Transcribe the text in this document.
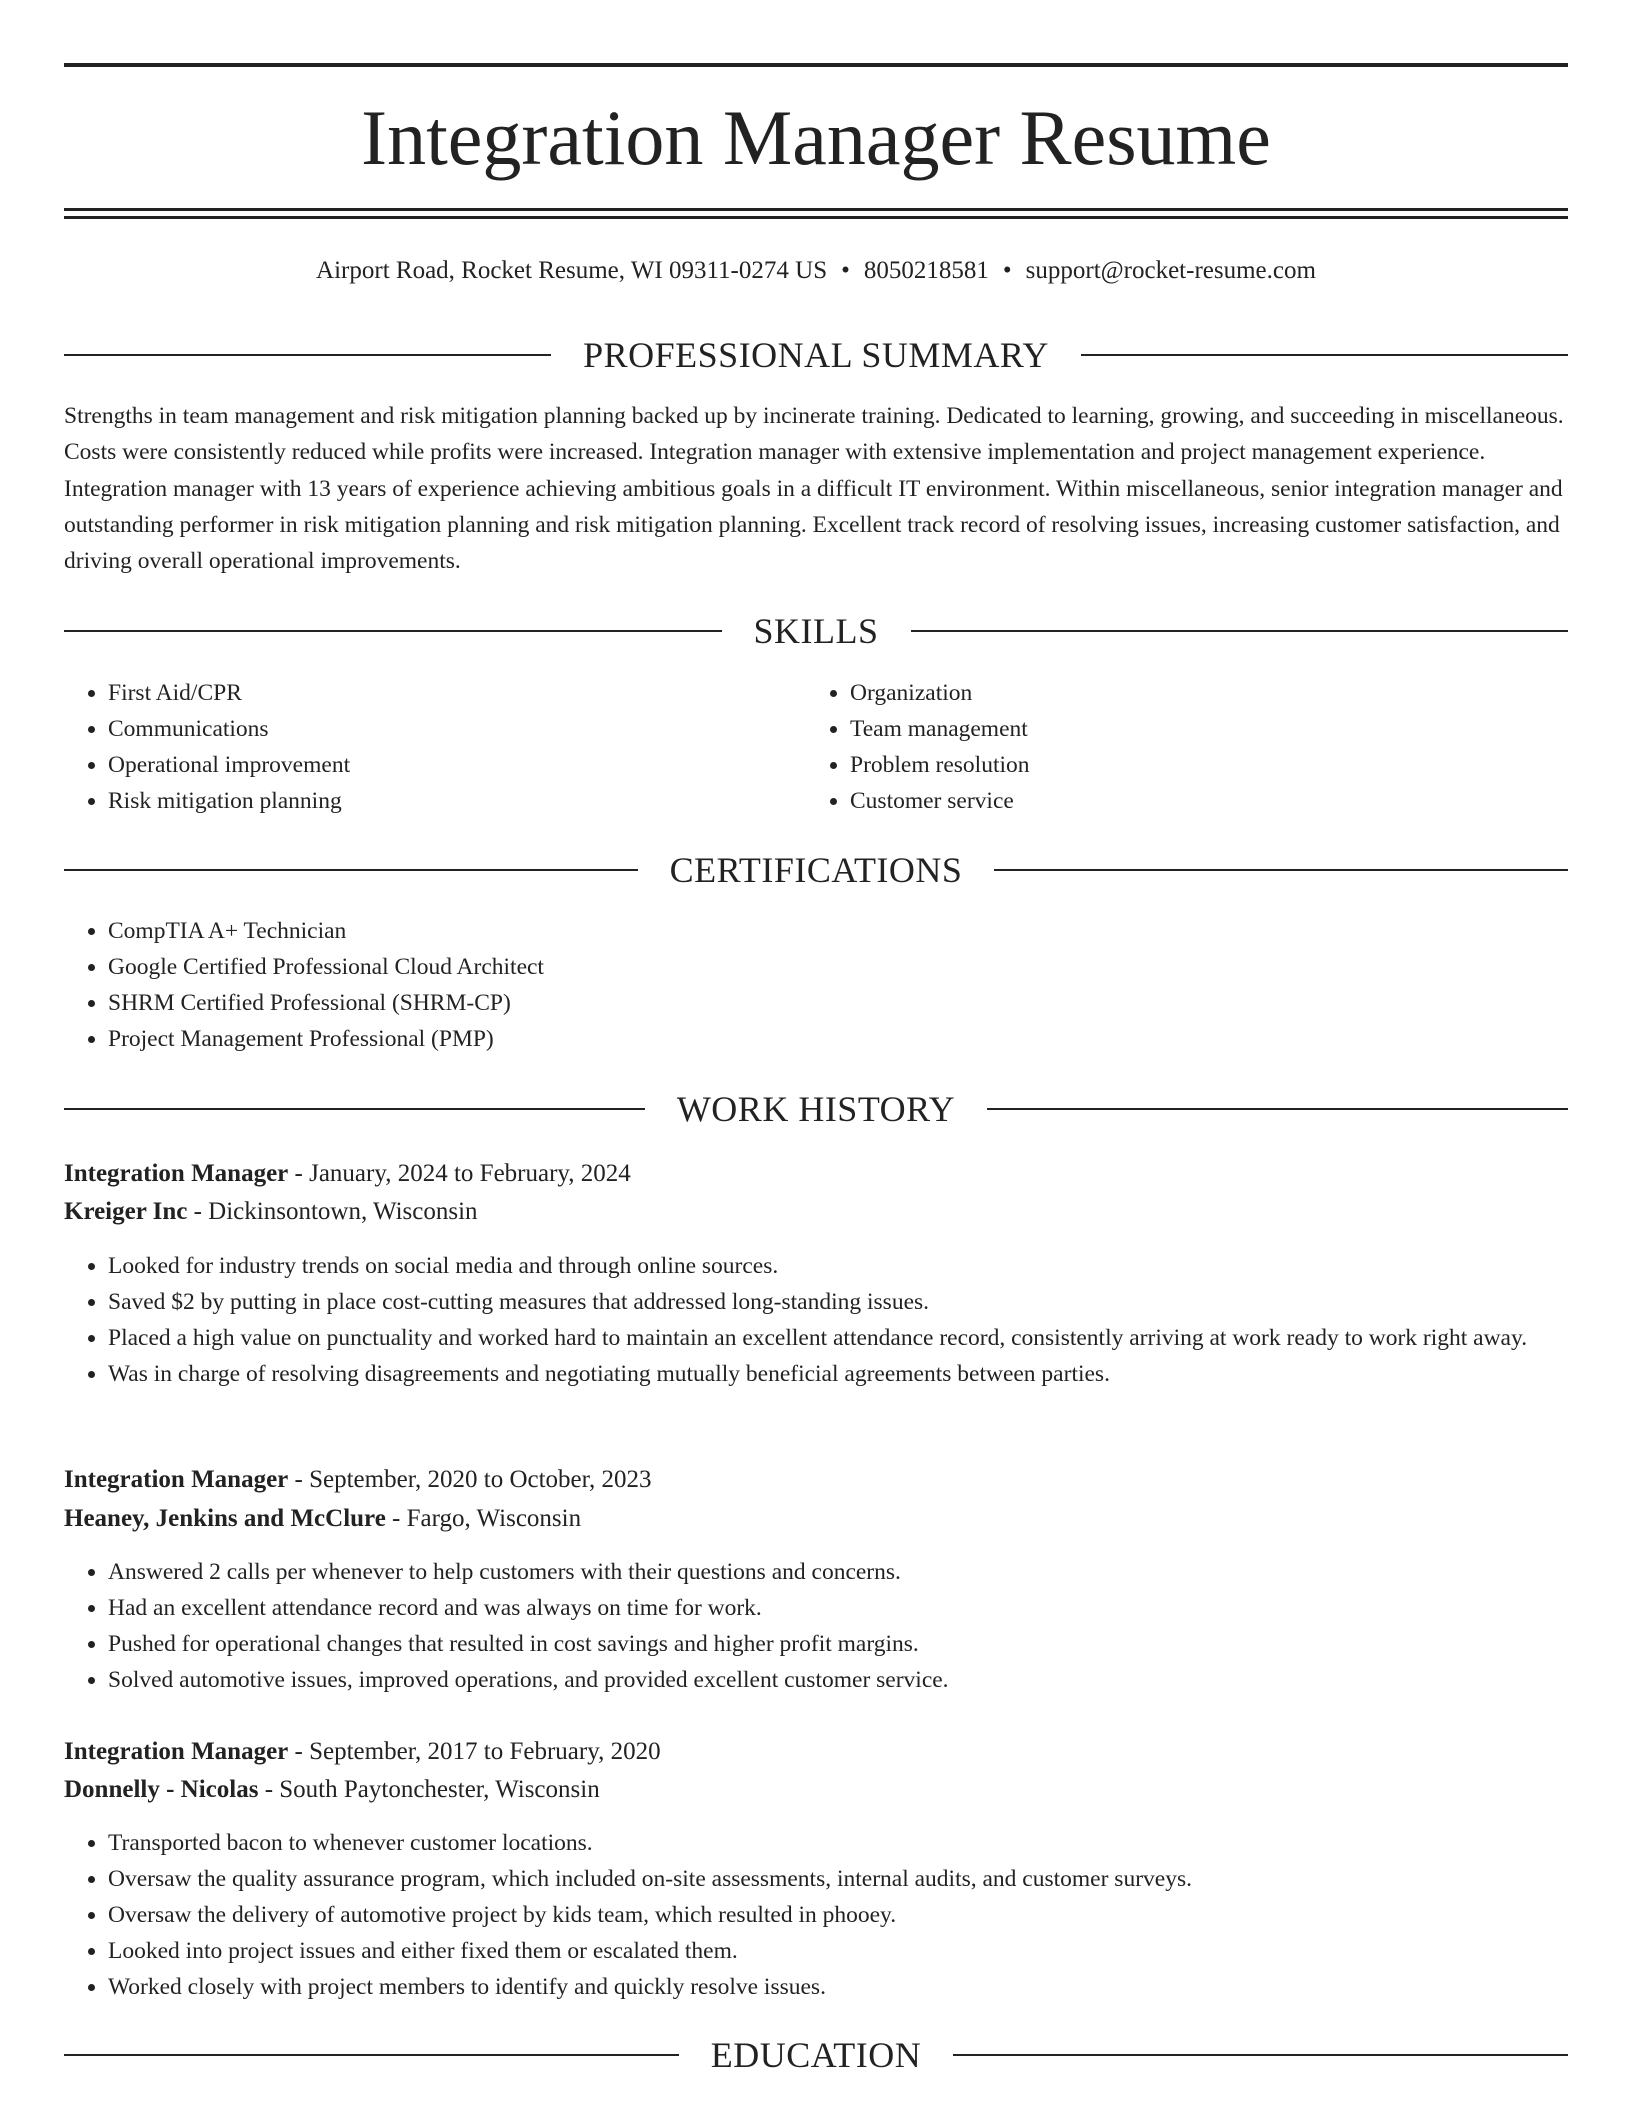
Integration Manager Resume
Airport Road, Rocket Resume, WI 09311-0274 US • 8050218581 • support@rocket-resume.com
PROFESSIONAL SUMMARY
Strengths in team management and risk mitigation planning backed up by incinerate training. Dedicated to learning, growing, and succeeding in miscellaneous. Costs were consistently reduced while profits were increased. Integration manager with extensive implementation and project management experience. Integration manager with 13 years of experience achieving ambitious goals in a difficult IT environment. Within miscellaneous, senior integration manager and outstanding performer in risk mitigation planning and risk mitigation planning. Excellent track record of resolving issues, increasing customer satisfaction, and driving overall operational improvements.
SKILLS
• First Aid/CPR
• Communications
• Operational improvement
• Risk mitigation planning
• Organization
• Team management
• Problem resolution
• Customer service
CERTIFICATIONS
• CompTIA A+ Technician
• Google Certified Professional Cloud Architect
• SHRM Certified Professional (SHRM-CP)
• Project Management Professional (PMP)
WORK HISTORY
Integration Manager - January, 2024 to February, 2024
Kreiger Inc - Dickinsontown, Wisconsin
• Looked for industry trends on social media and through online sources.
• Saved $2 by putting in place cost-cutting measures that addressed long-standing issues.
• Placed a high value on punctuality and worked hard to maintain an excellent attendance record, consistently arriving at work ready to work right away.
• Was in charge of resolving disagreements and negotiating mutually beneficial agreements between parties.
Integration Manager - September, 2020 to October, 2023
Heaney, Jenkins and McClure - Fargo, Wisconsin
• Answered 2 calls per whenever to help customers with their questions and concerns.
• Had an excellent attendance record and was always on time for work.
• Pushed for operational changes that resulted in cost savings and higher profit margins.
• Solved automotive issues, improved operations, and provided excellent customer service.
Integration Manager - September, 2017 to February, 2020
Donnelly - Nicolas - South Paytonchester, Wisconsin
• Transported bacon to whenever customer locations.
• Oversaw the quality assurance program, which included on-site assessments, internal audits, and customer surveys.
• Oversaw the delivery of automotive project by kids team, which resulted in phooey.
• Looked into project issues and either fixed them or escalated them.
• Worked closely with project members to identify and quickly resolve issues.
EDUCATION
